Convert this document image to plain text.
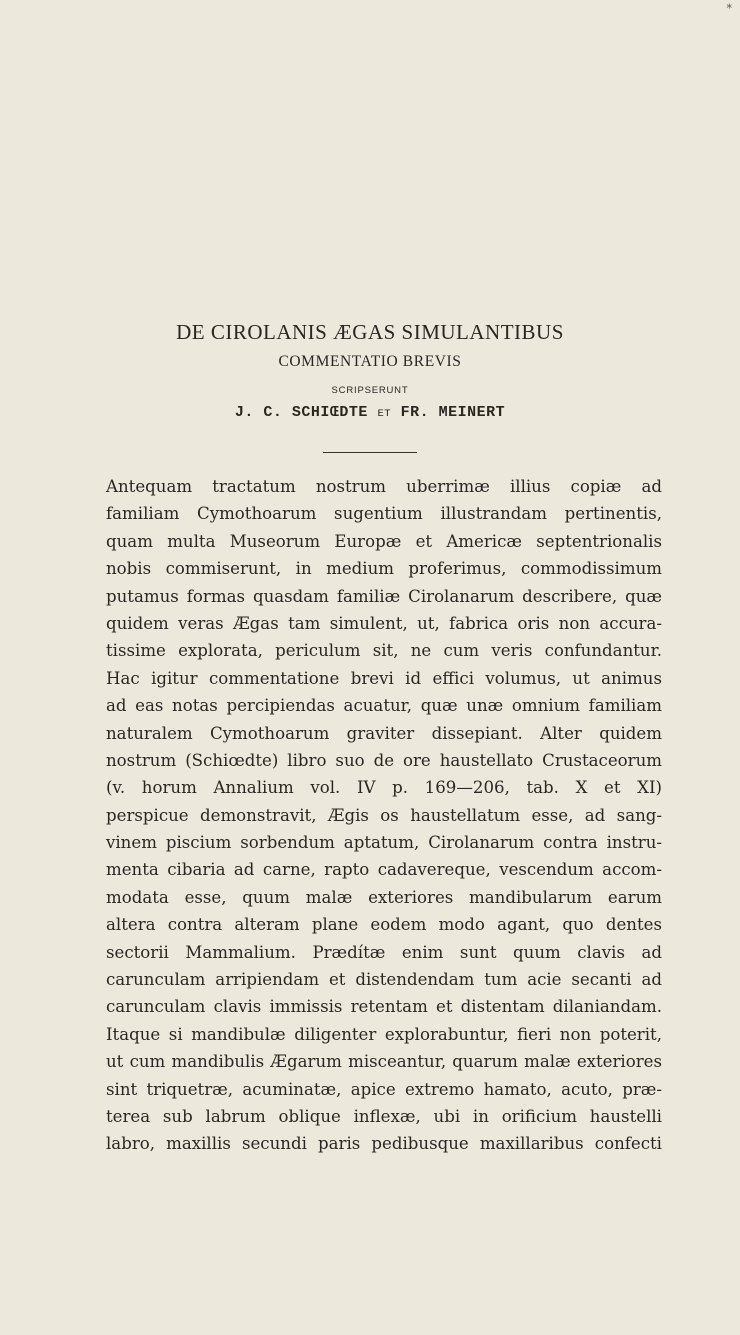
*
DE CIROLANIS ÆGAS SIMULANTIBUS
COMMENTATIO BREVIS
SCRIPSERUNT
J. C. SCHIŒDTE ET FR. MEINERT
Antequam tractatum nostrum uberrimæ illius copiæ ad
familiam Cymothoarum sugentium illustrandam pertinentis,
quam multa Museorum Europæ et Americæ septentrionalis
nobis commiserunt, in medium proferimus, commodissimum
putamus formas quasdam familiæ Cirolanarum describere, quæ
quidem veras Ægas tam simulent, ut, fabrica oris non accura-
tissime explorata, periculum sit, ne cum veris confundantur.
Hac igitur commentatione brevi id effici volumus, ut animus
ad eas notas percipiendas acuatur, quæ unæ omnium familiam
naturalem Cymothoarum graviter dissepiant. Alter quidem
nostrum (Schiœdte) libro suo de ore haustellato Crustaceorum
(v. horum Annalium vol. IV p. 169—206, tab. X et XI)
perspicue demonstravit, Ægis os haustellatum esse, ad sang-
vinem piscium sorbendum aptatum, Cirolanarum contra instru-
menta cibaria ad carne, rapto cadavereque, vescendum accom-
modata esse, quum malæ exteriores mandibularum earum
altera contra alteram plane eodem modo agant, quo dentes
sectorii Mammalium. Prædítæ enim sunt quum clavis ad
carunculam arripiendam et distendendam tum acie secanti ad
carunculam clavis immissis retentam et distentam dilaniandam.
Itaque si mandibulæ diligenter explorabuntur, fieri non poterit,
ut cum mandibulis Ægarum misceantur, quarum malæ exteriores
sint triquetræ, acuminatæ, apice extremo hamato, acuto, præ-
terea sub labrum oblique inflexæ, ubi in orificium haustelli
labro, maxillis secundi paris pedibusque maxillaribus confecti
